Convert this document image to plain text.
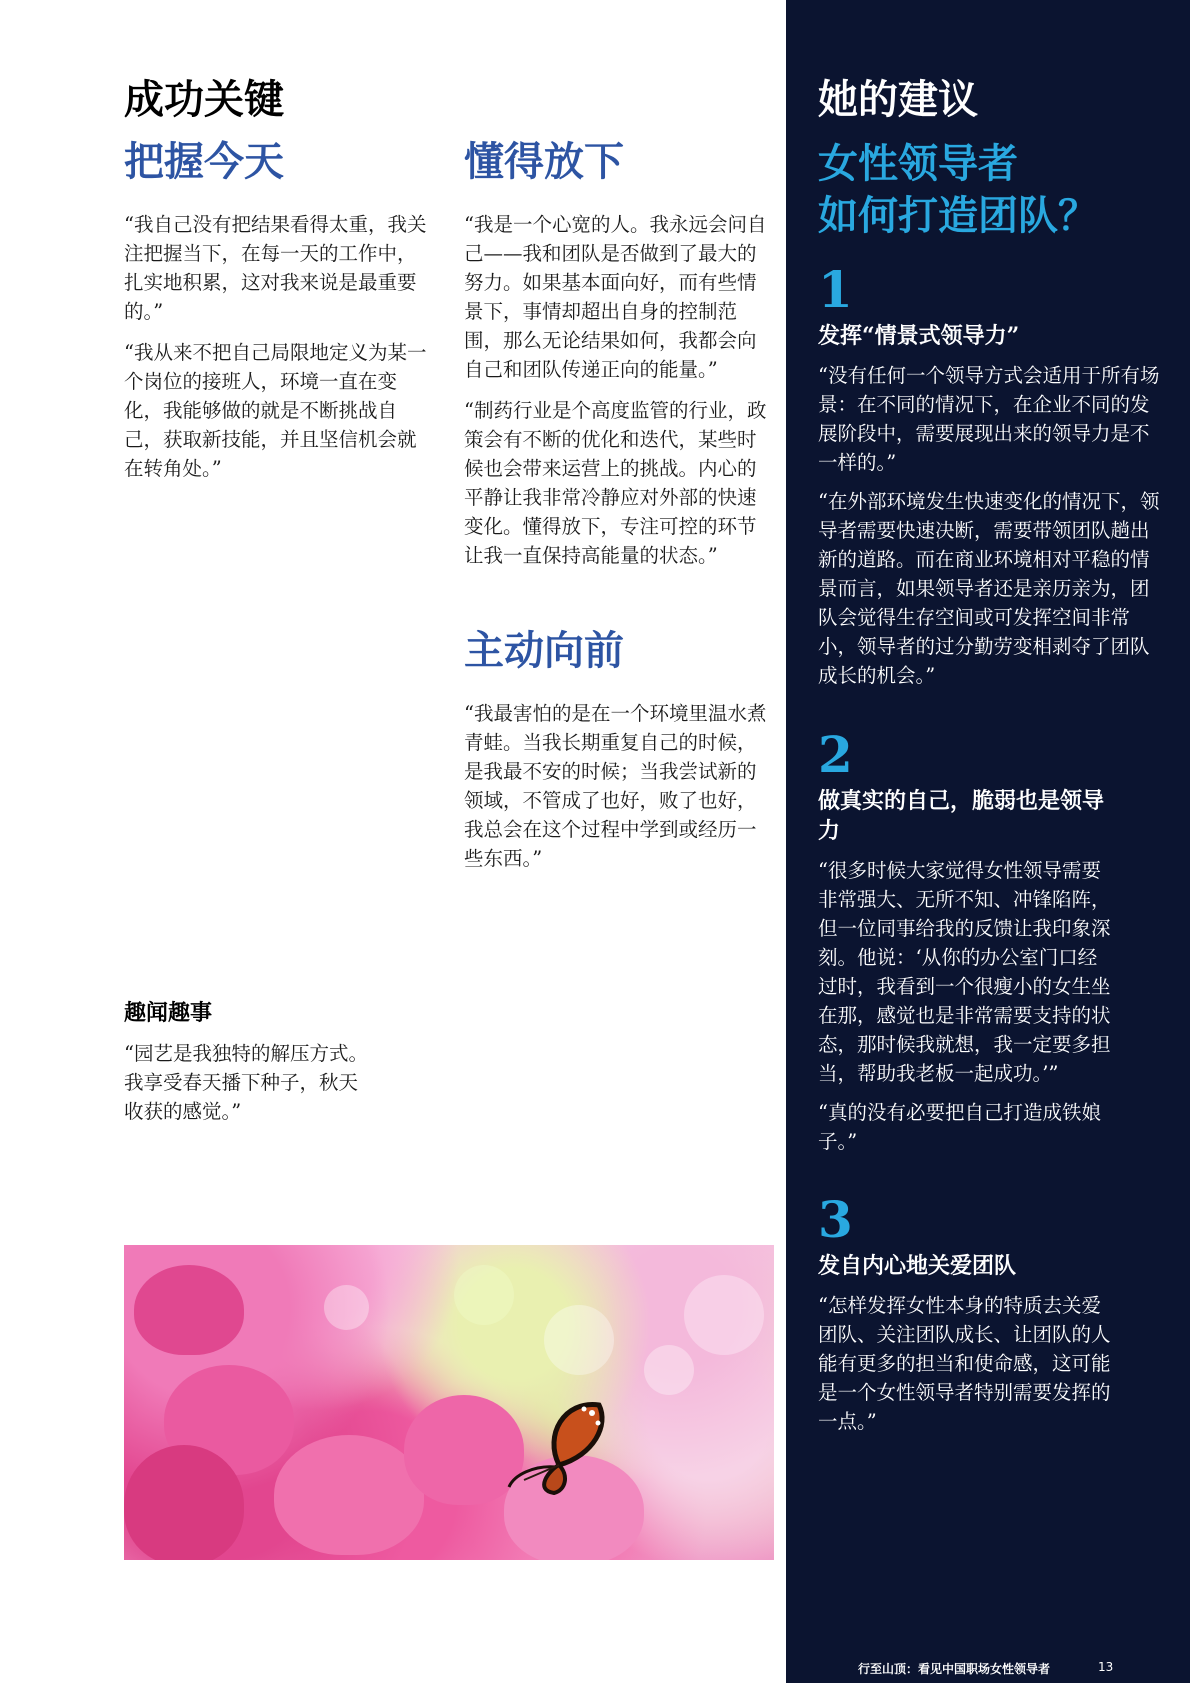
成功关键
把握今天

“我自己没有把结果看得太重，我关注把握当下，在每一天的工作中，扎实地积累，这对我来说是最重要的。”

“我从来不把自己局限地定义为某一个岗位的接班人，环境一直在变化，我能够做的就是不断挑战自己，获取新技能，并且坚信机会就在转角处。”

懂得放下

“我是一个心宽的人。我永远会问自己——我和团队是否做到了最大的努力。如果基本面向好，而有些情景下，事情却超出自身的控制范围，那么无论结果如何，我都会向自己和团队传递正向的能量。”

“制药行业是个高度监管的行业，政策会有不断的优化和迭代，某些时候也会带来运营上的挑战。内心的平静让我非常冷静应对外部的快速变化。懂得放下，专注可控的环节让我一直保持高能量的状态。”

主动向前

“我最害怕的是在一个环境里温水煮青蛙。当我长期重复自己的时候，是我最不安的时候；当我尝试新的领域，不管成了也好，败了也好，我总会在这个过程中学到或经历一些东西。”

趣闻趣事

“园艺是我独特的解压方式。我享受春天播下种子，秋天收获的感觉。”

她的建议
女性领导者
如何打造团队？
1
发挥“情景式领导力”

“没有任何一个领导方式会适用于所有场景：在不同的情况下，在企业不同的发展阶段中，需要展现出来的领导力是不一样的。”

“在外部环境发生快速变化的情况下，领导者需要快速决断，需要带领团队趟出新的道路。而在商业环境相对平稳的情景而言，如果领导者还是亲历亲为，团队会觉得生存空间或可发挥空间非常小，领导者的过分勤劳变相剥夺了团队成长的机会。”

2
做真实的自己，脆弱也是领导力

“很多时候大家觉得女性领导需要非常强大、无所不知、冲锋陷阵，但一位同事给我的反馈让我印象深刻。他说：‘从你的办公室门口经过时，我看到一个很瘦小的女生坐在那，感觉也是非常需要支持的状态，那时候我就想，我一定要多担当，帮助我老板一起成功。’”

“真的没有必要把自己打造成铁娘子。”

3
发自内心地关爱团队

“怎样发挥女性本身的特质去关爱团队、关注团队成长、让团队的人能有更多的担当和使命感，这可能是一个女性领导者特别需要发挥的一点。”

行至山顶：看见中国职场女性领导者	13
